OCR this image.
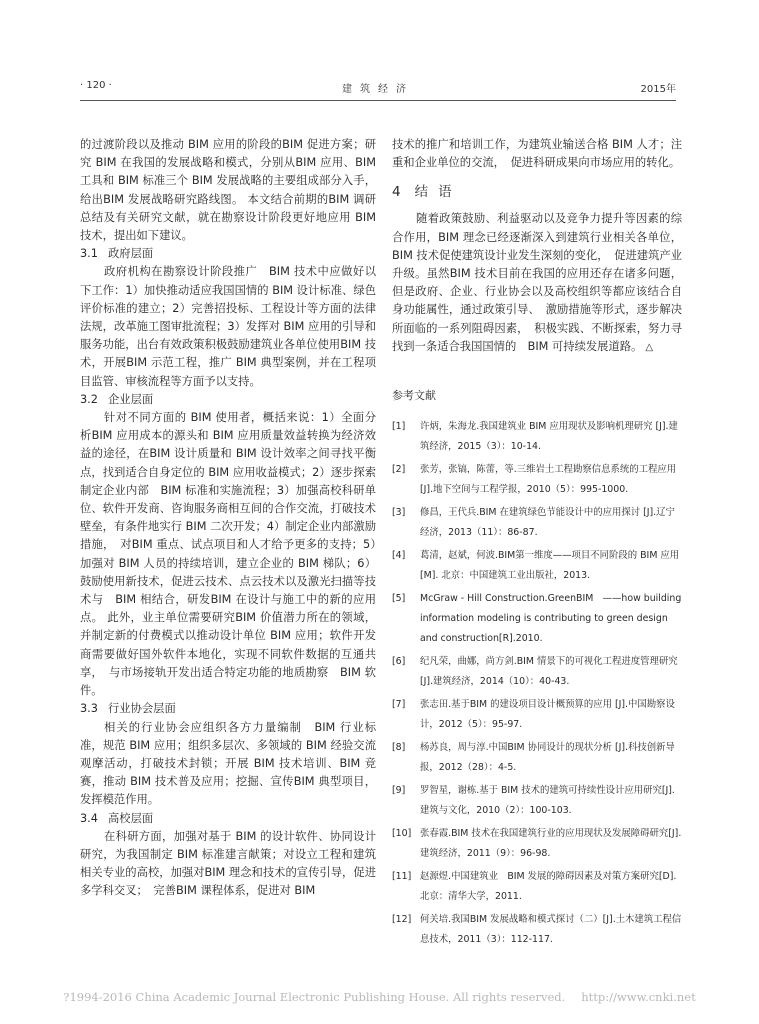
· 120 ·	建筑经济	2015年

的过渡阶段以及推动 BIM 应用的阶段的BIM 促进方案；研究 BIM 在我国的发展战略和模式，分别从BIM 应用、BIM 工具和 BIM 标准三个 BIM 发展战略的主要组成部分入手，给出BIM 发展战略研究路线图。 本文结合前期的BIM 调研总结及有关研究文献，就在勘察设计阶段更好地应用 BIM 技术，提出如下建议。

3.1 政府层面

政府机构在勘察设计阶段推广　BIM 技术中应做好以下工作：1）加快推动适应我国国情的 BIM 设计标准、绿色评价标准的建立；2）完善招投标、工程设计等方面的法律法规，改革施工图审批流程；3）发挥对 BIM 应用的引导和服务功能，出台有效政策积极鼓励建筑业各单位使用BIM 技术，开展BIM 示范工程，推广 BIM 典型案例，并在工程项目监管、审核流程等方面予以支持。

3.2 企业层面

针对不同方面的 BIM 使用者，概括来说：1）全面分析BIM 应用成本的源头和 BIM 应用质量效益转换为经济效益的途径，在BIM 设计质量和 BIM 设计效率之间寻找平衡点，找到适合自身定位的 BIM 应用收益模式；2）逐步探索制定企业内部　BIM 标准和实施流程；3）加强高校科研单位、软件开发商、咨询服务商相互间的合作交流，打破技术壁垒，有条件地实行 BIM 二次开发；4）制定企业内部激励措施，　对BIM 重点、试点项目和人才给予更多的支持；5）加强对 BIM 人员的持续培训，建立企业的 BIM 梯队；6）鼓励使用新技术，促进云技术、点云技术以及激光扫描等技术与　BIM 相结合，研发BIM 在设计与施工中的新的应用点。 此外，业主单位需要研究BIM 价值潜力所在的领域，并制定新的付费模式以推动设计单位 BIM 应用；软件开发商需要做好国外软件本地化，实现不同软件数据的互通共享，　与市场接轨开发出适合特定功能的地质勘察　BIM 软件。

3.3 行业协会层面

相关的行业协会应组织各方力量编制　BIM 行业标准，规范 BIM 应用；组织多层次、多领域的 BIM 经验交流观摩活动，打破技术封锁；开展 BIM 技术培训、BIM 竞赛，推动 BIM 技术普及应用；挖掘、宣传BIM 典型项目，发挥模范作用。

3.4 高校层面

在科研方面，加强对基于 BIM 的设计软件、协同设计研究，为我国制定 BIM 标准建言献策；对设立工程和建筑相关专业的高校，加强对BIM 理念和技术的宣传引导，促进多学科交叉；　完善BIM 课程体系，促进对 BIM

技术的推广和培训工作，为建筑业输送合格 BIM 人才；注重和企业单位的交流，　促进科研成果向市场应用的转化。

4 结语

随着政策鼓励、利益驱动以及竞争力提升等因素的综合作用，BIM 理念已经逐渐深入到建筑行业相关各单位，BIM 技术促使建筑设计业发生深刻的变化，　促进建筑产业升级。虽然BIM 技术目前在我国的应用还存在诸多问题，但是政府、企业、行业协会以及高校组织等都应该结合自身功能属性，通过政策引导、　激励措施等形式，逐步解决所面临的一系列阻碍因素，　积极实践、不断探索，努力寻找到一条适合我国国情的　BIM 可持续发展道路。 △

参考文献
[1] 许炳，朱海龙.我国建筑业 BIM 应用现状及影响机理研究 [J].建筑经济，2015（3）：10-14.
[2] 张芳，张镐，陈蕾，等.三维岩土工程勘察信息系统的工程应用[J].地下空间与工程学报，2010（5）：995-1000.
[3] 修昌，王代兵.BIM 在建筑绿色节能设计中的应用探讨 [J].辽宁经济，2013（11）：86-87.
[4] 葛清，赵斌，何波.BIM第一维度——项目不同阶段的 BIM 应用[M]. 北京：中国建筑工业出版社，2013.
[5] McGraw - Hill Construction.GreenBIM　——how building information modeling is contributing to green design and construction[R].2010.
[6] 纪凡荣，曲娜，尚方剑.BIM 情景下的可视化工程进度管理研究[J].建筑经济，2014（10）：40-43.
[7] 张志田.基于BIM 的建设项目设计概预算的应用 [J].中国勘察设计，2012（5）：95-97.
[8] 杨苏良，周与淳.中国BIM 协同设计的现状分析 [J].科技创新导报，2012（28）：4-5.
[9] 罗智星，谢栋.基于 BIM 技术的建筑可持续性设计应用研究[J].建筑与文化，2010（2）：100-103.
[10] 张春霞.BIM 技术在我国建筑行业的应用现状及发展障碍研究[J].建筑经济，2011（9）：96-98.
[11] 赵源煜.中国建筑业　BIM 发展的障碍因素及对策方案研究[D].北京：清华大学，2011.
[12] 何关培.我国BIM 发展战略和模式探讨（二）[J].土木建筑工程信息技术，2011（3）：112-117.
?1994-2016 China Academic Journal Electronic Publishing House. All rights reserved. http://www.cnki.net
